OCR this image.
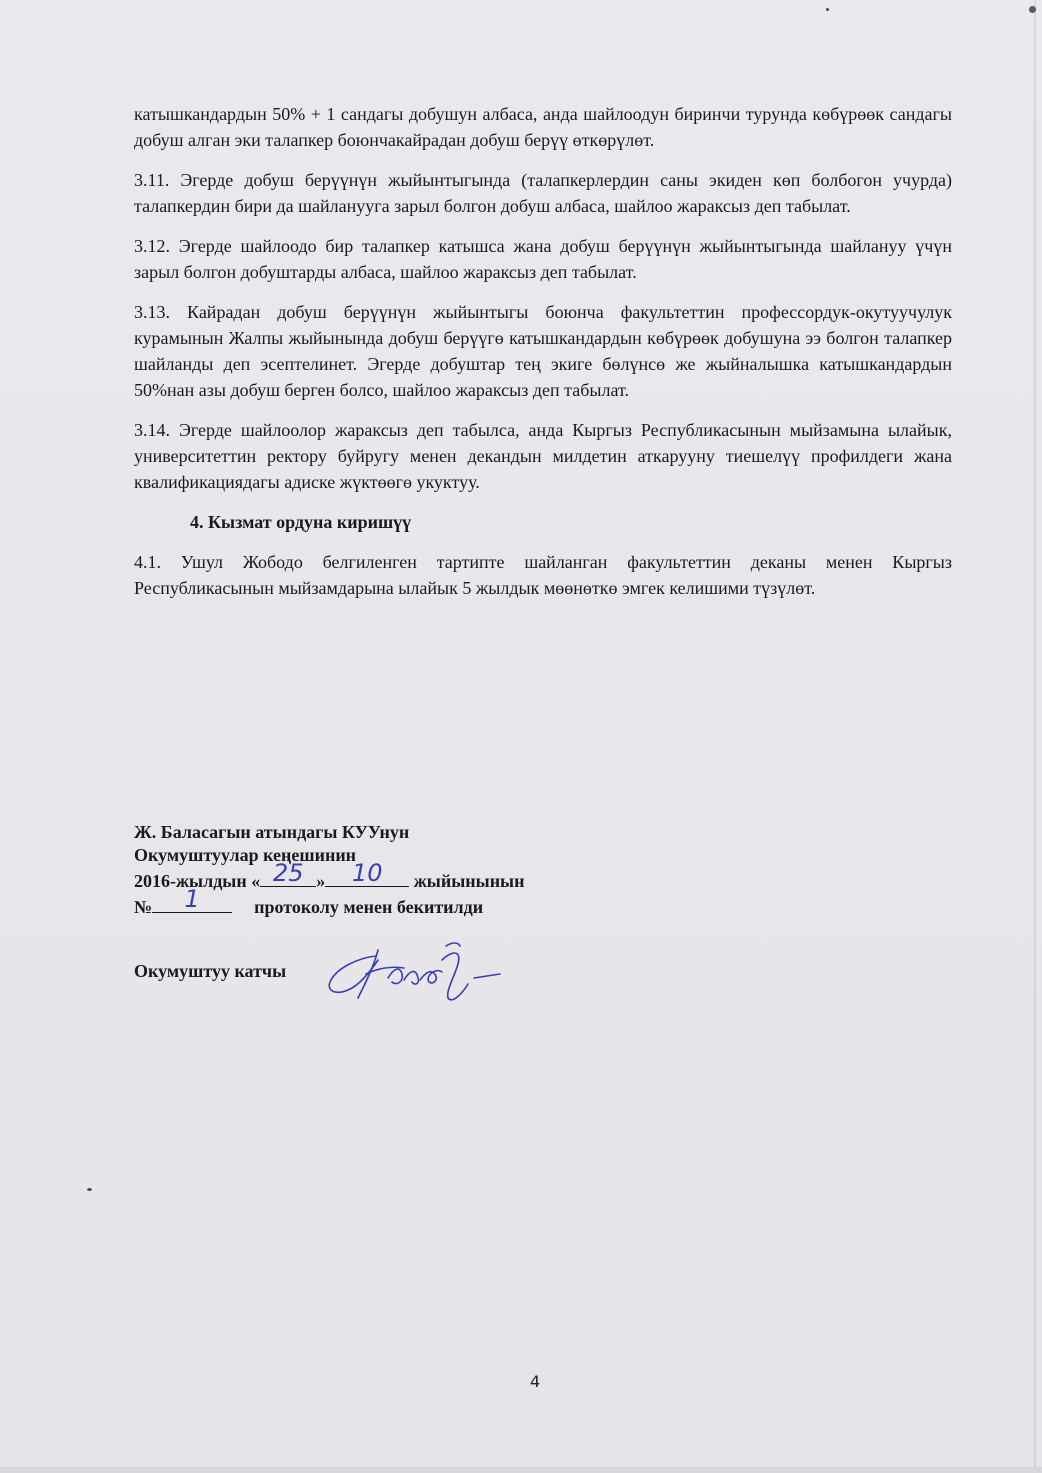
катышкандардын 50% + 1 сандагы добушун албаса, анда шайлоодун биринчи турунда көбүрөөк сандагы добуш алган эки талапкер боюнчакайрадан добуш берүү өткөрүлөт.

3.11. Эгерде добуш берүүнүн жыйынтыгында (талапкерлердин саны экиден көп болбогон учурда) талапкердин бири да шайланууга зарыл болгон добуш албаса, шайлоо жараксыз деп табылат.

3.12. Эгерде шайлоодо бир талапкер катышса жана добуш берүүнүн жыйынтыгында шайлануу үчүн зарыл болгон добуштарды албаса, шайлоо жараксыз деп табылат.

3.13. Кайрадан добуш берүүнүн жыйынтыгы боюнча факультеттин профессордук-окутуучулук курамынын Жалпы жыйынында добуш берүүгө катышкандардын көбүрөөк добушуна ээ болгон талапкер шайланды деп эсептелинет. Эгерде добуштар тең экиге бөлүнсө же жыйналышка катышкандардын 50%нан азы добуш берген болсо, шайлоо жараксыз деп табылат.

3.14. Эгерде шайлоолор жараксыз деп табылса, анда Кыргыз Республикасынын мыйзамына ылайык, университеттин ректору буйругу менен декандын милдетин аткарууну тиешелүү профилдеги жана квалификациядагы адиске жүктөөгө укуктуу.

4. Кызмат ордуна киришүү

4.1. Ушул Жободо белгиленген тартипте шайланган факультеттин деканы менен Кыргыз Республикасынын мыйзамдарына ылайык 5 жылдык мөөнөткө эмгек келишими түзүлөт.

Ж. Баласагын атындагы КУУнун
Окумуштуулар кеңешинин
2016-жылдын « 25 »	10	жыйынынын
№	1	протоколу менен бекитилди
Окумуштуу катчы
4
